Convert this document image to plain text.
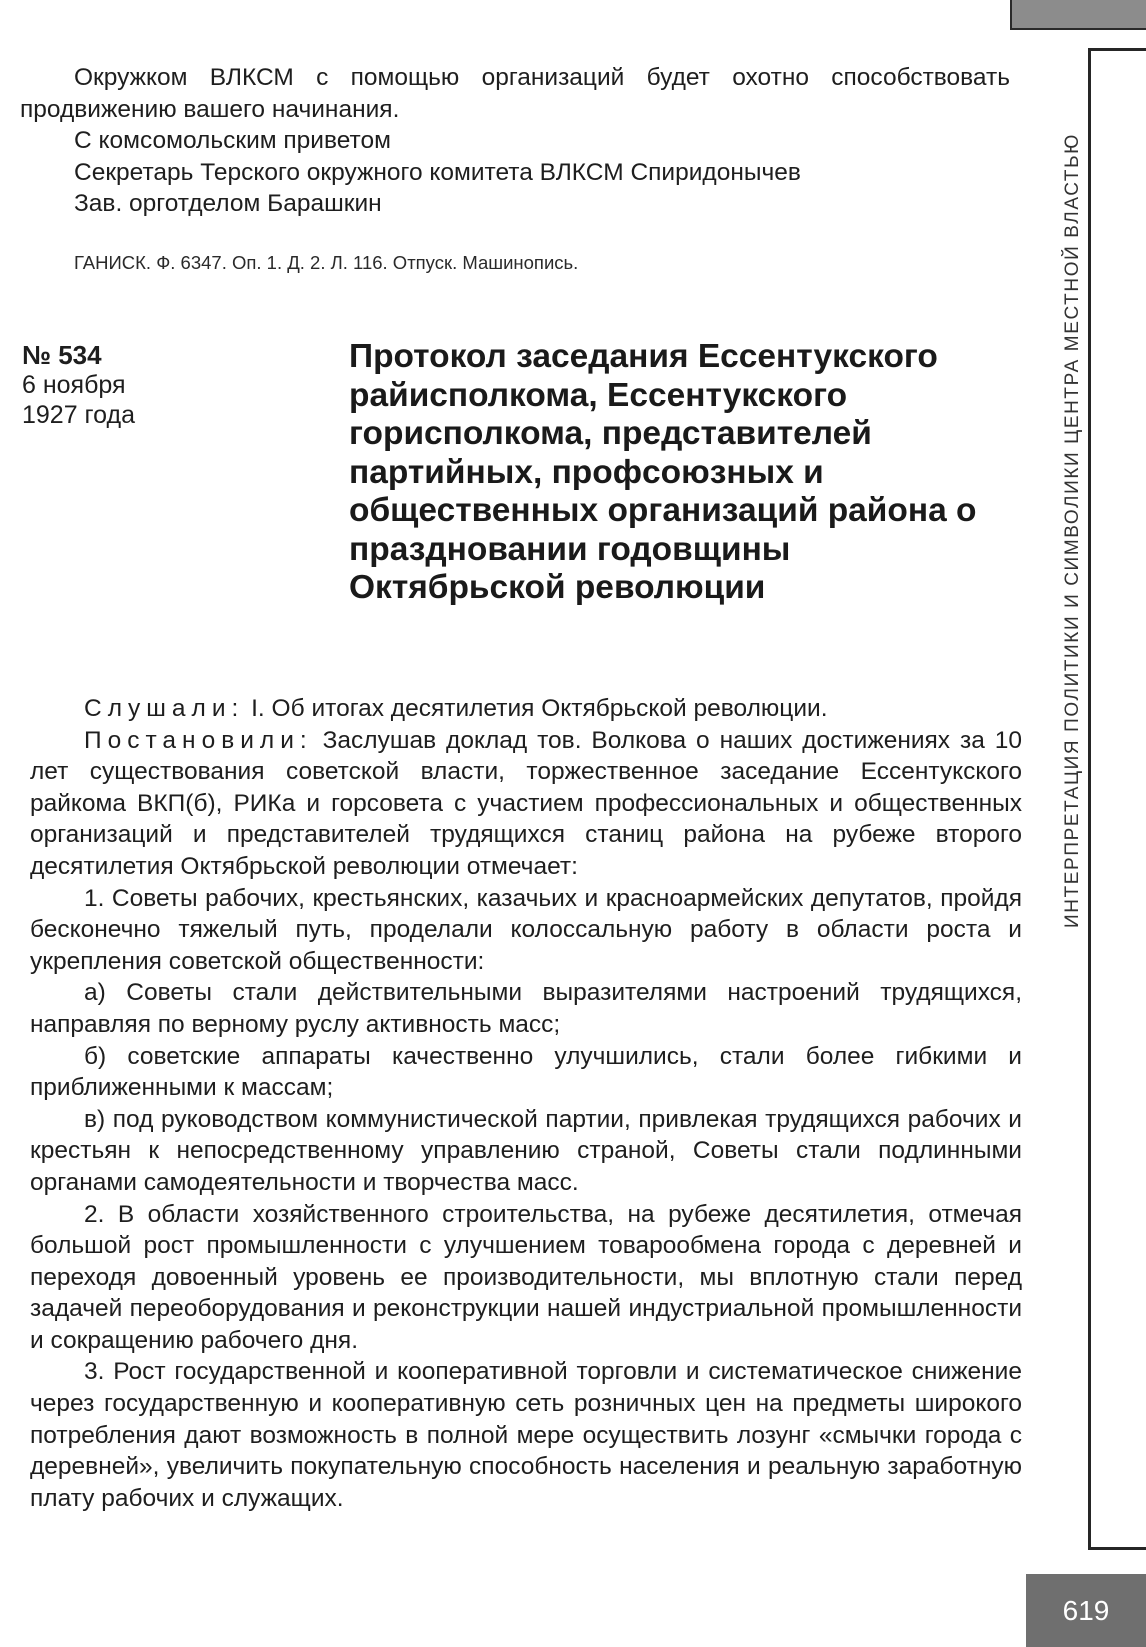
ИНТЕРПРЕТАЦИЯ ПОЛИТИКИ И СИМВОЛИКИ ЦЕНТРА МЕСТНОЙ ВЛАСТЬЮ

Окружком ВЛКСМ с помощью организаций будет охотно способствовать продвижению вашего начинания.

С комсомольским приветом

Секретарь Терского окружного комитета ВЛКСМ Спиридонычев

Зав. орготделом Барашкин

ГАНИСК. Ф. 6347. Оп. 1. Д. 2. Л. 116. Отпуск. Машинопись.
№ 534
6 ноября
1927 года
Протокол заседания Ессентукского райисполкома, Ессентукского горисполкома, представителей партийных, профсоюзных и общественных организаций района о праздновании годовщины Октябрьской революции

Слушали: I. Об итогах десятилетия Октябрьской революции.

Постановили: Заслушав доклад тов. Волкова о наших достижениях за 10 лет существования советской власти, торжественное заседание Ессентукского райкома ВКП(б), РИКа и горсовета с участием профессиональных и общественных организаций и представителей трудящихся станиц района на рубеже второго десятилетия Октябрьской революции отмечает:

1. Советы рабочих, крестьянских, казачьих и красноармейских депутатов, пройдя бесконечно тяжелый путь, проделали колоссальную работу в области роста и укрепления советской общественности:

а) Советы стали действительными выразителями настроений трудящихся, направляя по верному руслу активность масс;

б) советские аппараты качественно улучшились, стали более гибкими и приближенными к массам;

в) под руководством коммунистической партии, привлекая трудящихся рабочих и крестьян к непосредственному управлению страной, Советы стали подлинными органами самодеятельности и творчества масс.

2. В области хозяйственного строительства, на рубеже десятилетия, отмечая большой рост промышленности с улучшением товарообмена города с деревней и переходя довоенный уровень ее производительности, мы вплотную стали перед задачей переоборудования и реконструкции нашей индустриальной промышленности и сокращению рабочего дня.

3. Рост государственной и кооперативной торговли и систематическое снижение через государственную и кооперативную сеть розничных цен на предметы широкого потребления дают возможность в полной мере осуществить лозунг «смычки города с деревней», увеличить покупательную способность населения и реальную заработную плату рабочих и служащих.

619
